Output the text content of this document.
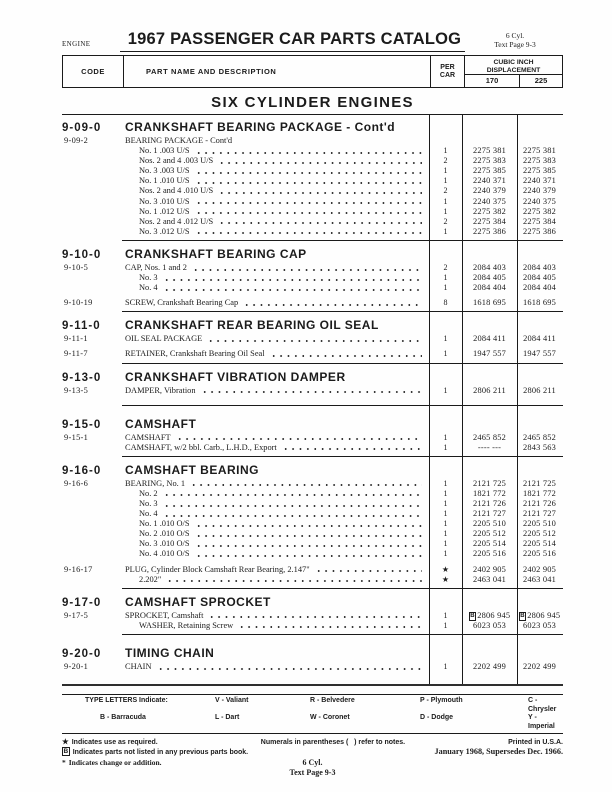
ENGINE	1967 PASSENGER CAR PARTS CATALOG	6 Cyl.
Text Page 9-3
CODE	PART NAME AND DESCRIPTION	PER
CAR
CUBIC INCH
DISPLACEMENT
170	225
SIX CYLINDER ENGINES
9-09-0	CRANKSHAFT BEARING PACKAGE - Cont'd
9-09-2	BEARING PACKAGE - Cont'd
No. 1 .003 U/S	1	2275 381	2275 381
Nos. 2 and 4 .003 U/S	2	2275 383	2275 383
No. 3 .003 U/S	1	2275 385	2275 385
No. 1 .010 U/S	1	2240 371	2240 371
Nos. 2 and 4 .010 U/S	2	2240 379	2240 379
No. 3 .010 U/S	1	2240 375	2240 375
No. 1 .012 U/S	1	2275 382	2275 382
Nos. 2 and 4 .012 U/S	2	2275 384	2275 384
No. 3 .012 U/S	1	2275 386	2275 386
9-10-0	CRANKSHAFT BEARING CAP
9-10-5	CAP, Nos. 1 and 2	2	2084 403	2084 403
No. 3	1	2084 405	2084 405
No. 4	1	2084 404	2084 404
9-10-19	SCREW, Crankshaft Bearing Cap	8	1618 695	1618 695
9-11-0	CRANKSHAFT REAR BEARING OIL SEAL
9-11-1	OIL SEAL PACKAGE	1	2084 411	2084 411
9-11-7	RETAINER, Crankshaft Bearing Oil Seal	1	1947 557	1947 557
9-13-0	CRANKSHAFT VIBRATION DAMPER
9-13-5	DAMPER, Vibration	1	2806 211	2806 211
9-15-0	CAMSHAFT
9-15-1	CAMSHAFT	1	2465 852	2465 852
CAMSHAFT, w/2 bbl. Carb., L.H.D., Export	1	---- ---	2843 563
9-16-0	CAMSHAFT BEARING
9-16-6	BEARING, No. 1	1	2121 725	2121 725
No. 2	1	1821 772	1821 772
No. 3	1	2121 726	2121 726
No. 4	1	2121 727	2121 727
No. 1 .010 O/S	1	2205 510	2205 510
No. 2 .010 O/S	1	2205 512	2205 512
No. 3 .010 O/S	1	2205 514	2205 514
No. 4 .010 O/S	1	2205 516	2205 516
9-16-17	PLUG, Cylinder Block Camshaft Rear Bearing, 2.147"	★	2402 905	2402 905
2.202"	★	2463 041	2463 041
9-17-0	CAMSHAFT SPROCKET
9-17-5	SPROCKET, Camshaft	1	B 2806 945	B 2806 945
WASHER, Retaining Screw	1	6023 053	6023 053
9-20-0	TIMING CHAIN
9-20-1	CHAIN	1	2202 499	2202 499
TYPE LETTERS Indicate:	V - Valiant	R - Belvedere	P - Plymouth	C - Chrysler
B - Barracuda	L - Dart	W - Coronet	D - Dodge	Y - Imperial
★ Indicates use as required.	Numerals in parentheses (   ) refer to notes.	Printed in U.S.A.
B Indicates parts not listed in any previous parts book.	January 1968, Supersedes Dec. 1966.
* Indicates change or addition.	6 Cyl.
Text Page 9-3
